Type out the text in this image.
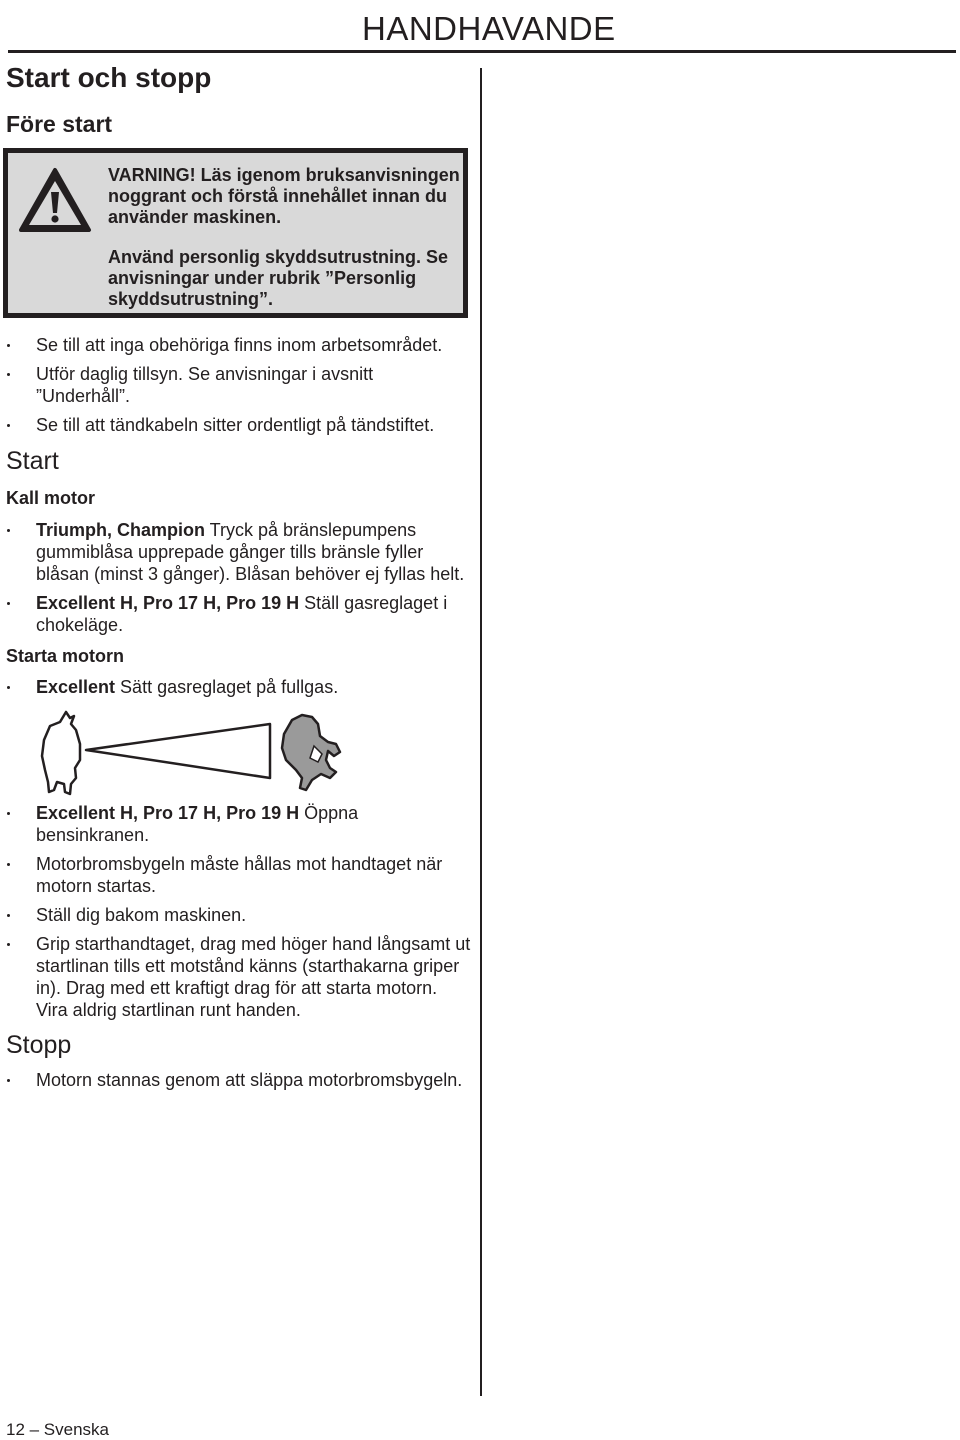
HANDHAVANDE
Start och stopp
Före start

VARNING! Läs igenom bruksanvisningen noggrant och förstå innehållet innan du använder maskinen.

Använd personlig skyddsutrustning. Se anvisningar under rubrik ”Personlig skyddsutrustning”.

Se till att inga obehöriga finns inom arbetsområdet.
Utför daglig tillsyn. Se anvisningar i avsnitt ”Underhåll”.
Se till att tändkabeln sitter ordentligt på tändstiftet.
Start
Kall motor
Triumph, Champion Tryck på bränslepumpens gummiblåsa upprepade gånger tills bränsle fyller blåsan (minst 3 gånger). Blåsan behöver ej fyllas helt.
Excellent H, Pro 17 H, Pro 19 H Ställ gasreglaget i chokeläge.
Starta motorn
Excellent Sätt gasreglaget på fullgas.
Excellent H, Pro 17 H, Pro 19 H Öppna bensinkranen.
Motorbromsbygeln måste hållas mot handtaget när motorn startas.
Ställ dig bakom maskinen.
Grip starthandtaget, drag med höger hand långsamt ut startlinan tills ett motstånd känns (starthakarna griper in). Drag med ett kraftigt drag för att starta motorn. Vira aldrig startlinan runt handen.
Stopp
Motorn stannas genom att släppa motorbromsbygeln.
12 – Svenska
